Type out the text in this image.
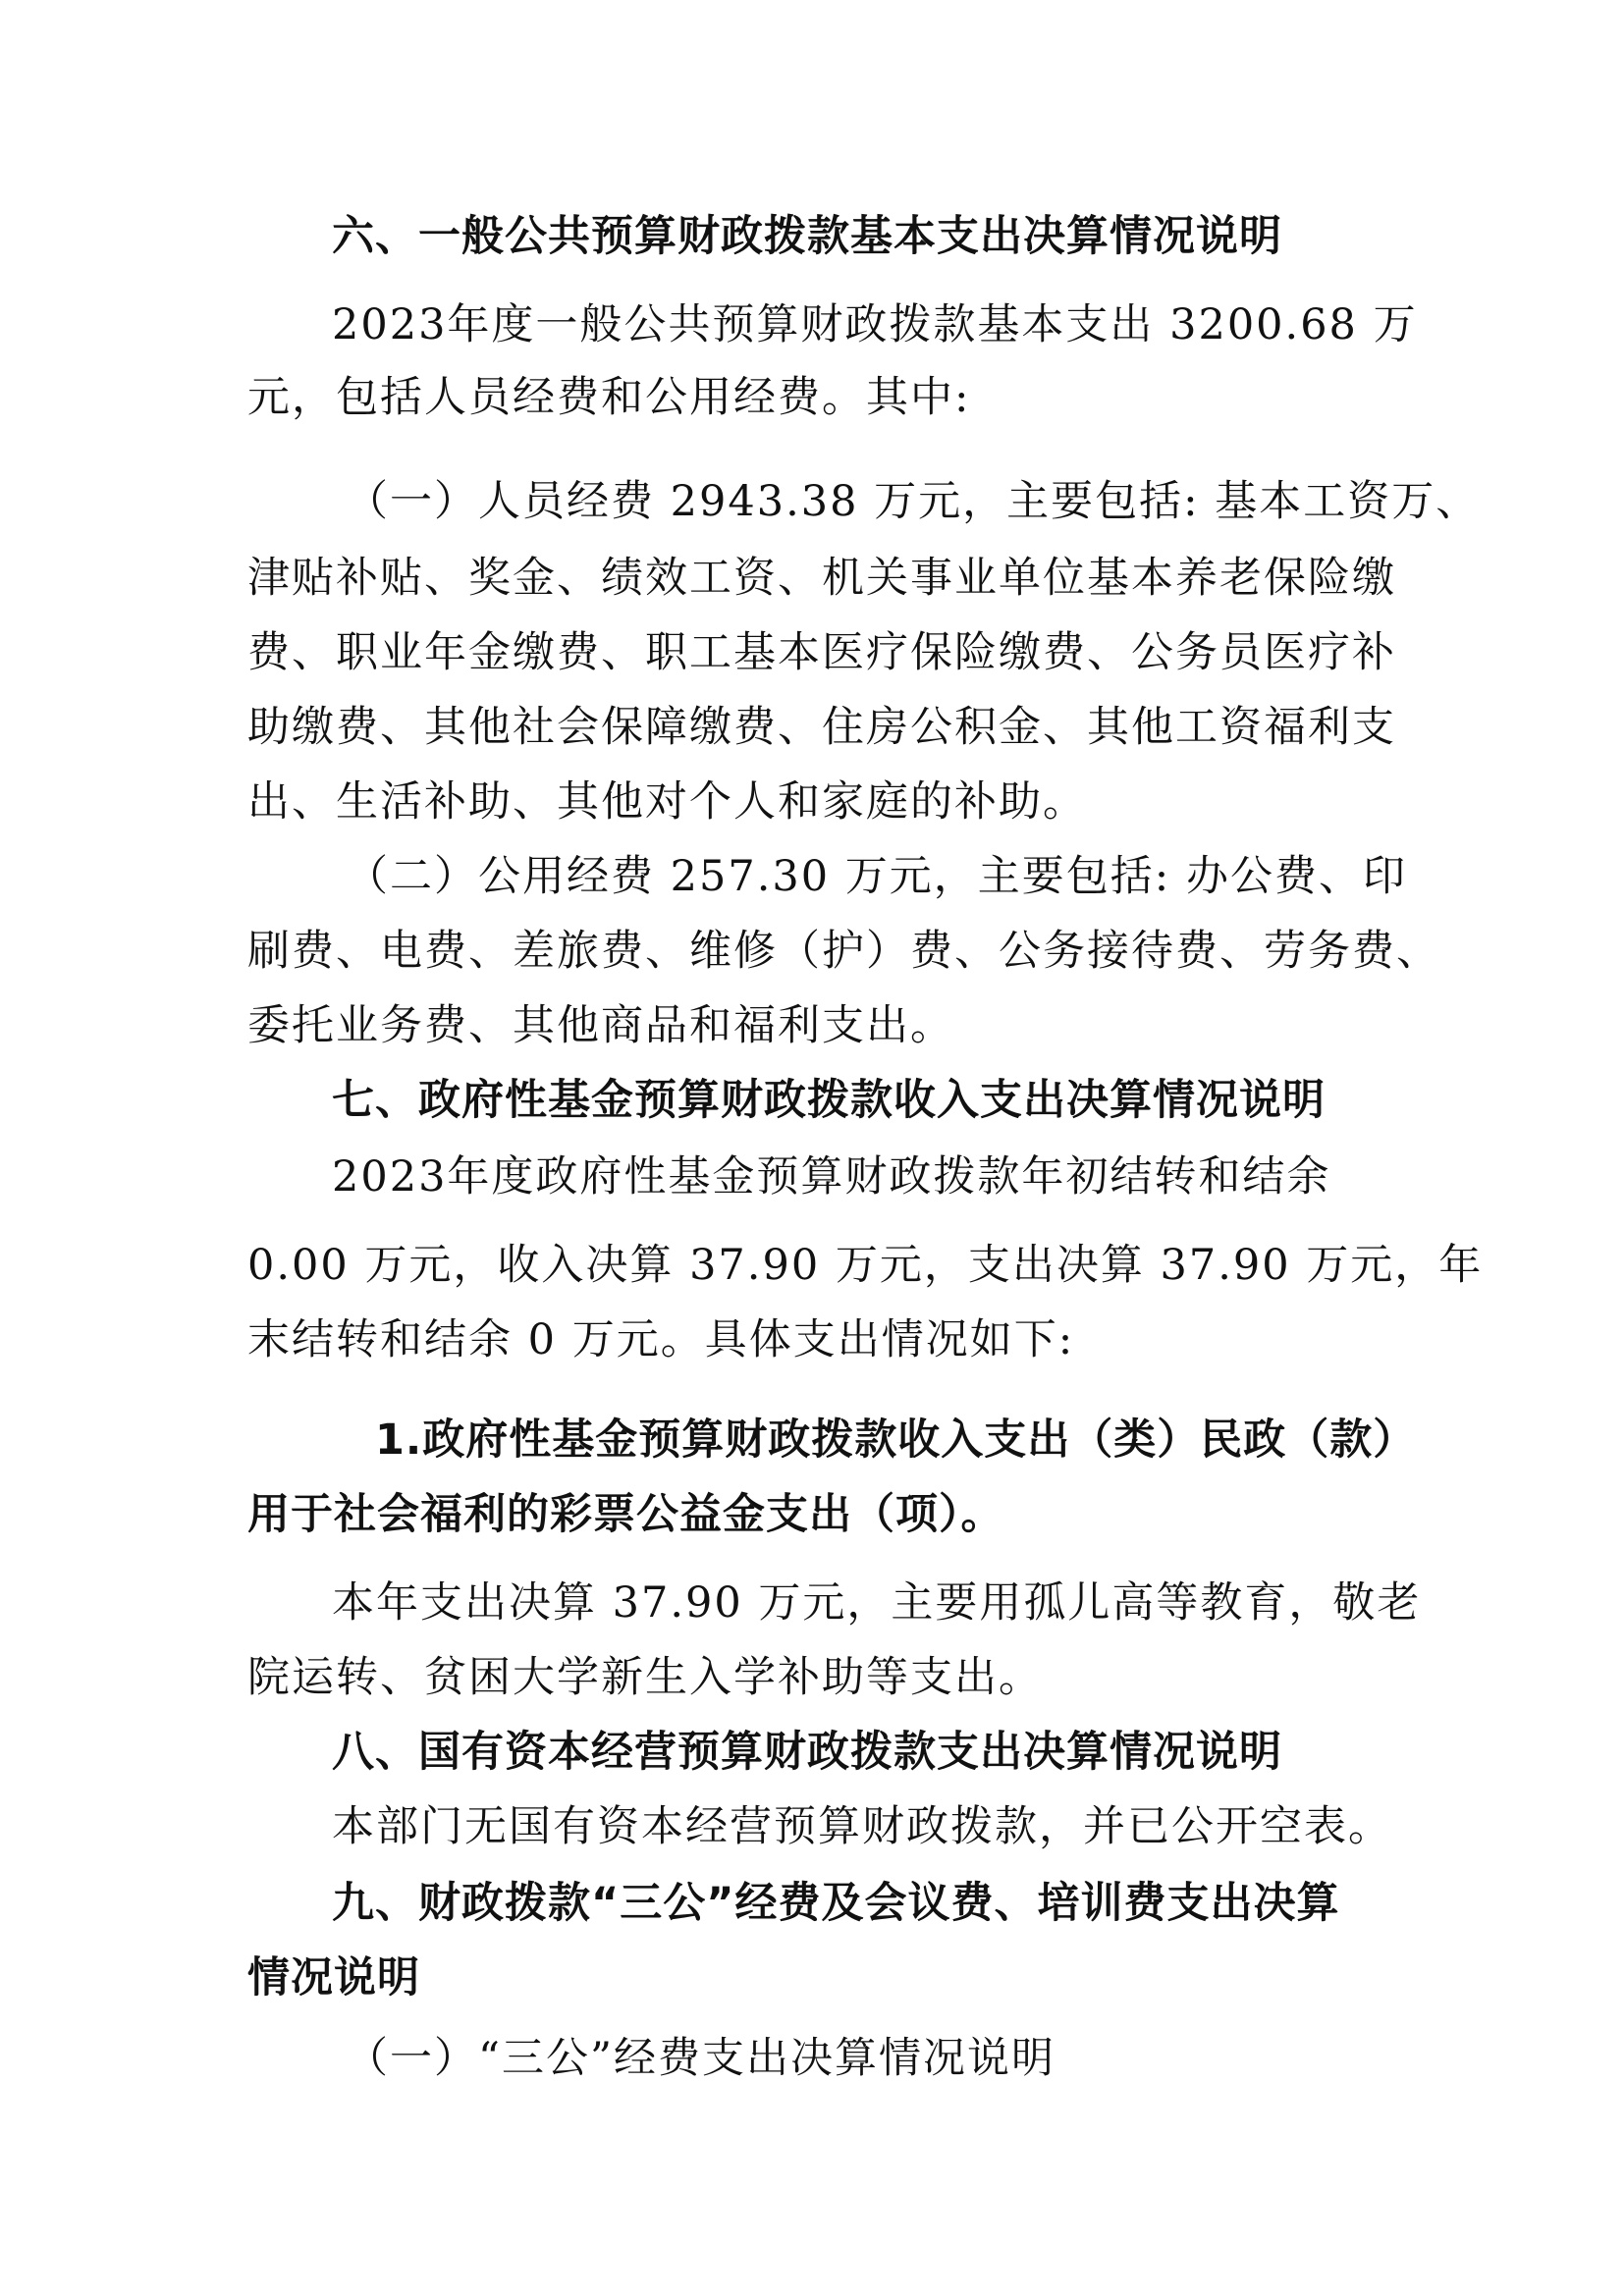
六、一般公共预算财政拨款基本支出决算情况说明
2023年度一般公共预算财政拨款基本支出 3200.68 万
元，包括人员经费和公用经费。其中:
（一）人员经费 2943.38 万元，主要包括: 基本工资万、
津贴补贴、奖金、绩效工资、机关事业单位基本养老保险缴
费、职业年金缴费、职工基本医疗保险缴费、公务员医疗补
助缴费、其他社会保障缴费、住房公积金、其他工资福利支
出、生活补助、其他对个人和家庭的补助。
（二）公用经费 257.30 万元，主要包括: 办公费、印
刷费、电费、差旅费、维修（护）费、公务接待费、劳务费、
委托业务费、其他商品和福利支出。
七、政府性基金预算财政拨款收入支出决算情况说明
2023年度政府性基金预算财政拨款年初结转和结余
0.00 万元，收入决算 37.90 万元，支出决算 37.90 万元，年
末结转和结余 0 万元。具体支出情况如下:
1.政府性基金预算财政拨款收入支出（类）民政（款）
用于社会福利的彩票公益金支出（项）。
本年支出决算 37.90 万元，主要用孤儿高等教育，敬老
院运转、贫困大学新生入学补助等支出。
八、国有资本经营预算财政拨款支出决算情况说明
本部门无国有资本经营预算财政拨款，并已公开空表。
九、财政拨款“三公”经费及会议费、培训费支出决算
情况说明
（一）“三公”经费支出决算情况说明
